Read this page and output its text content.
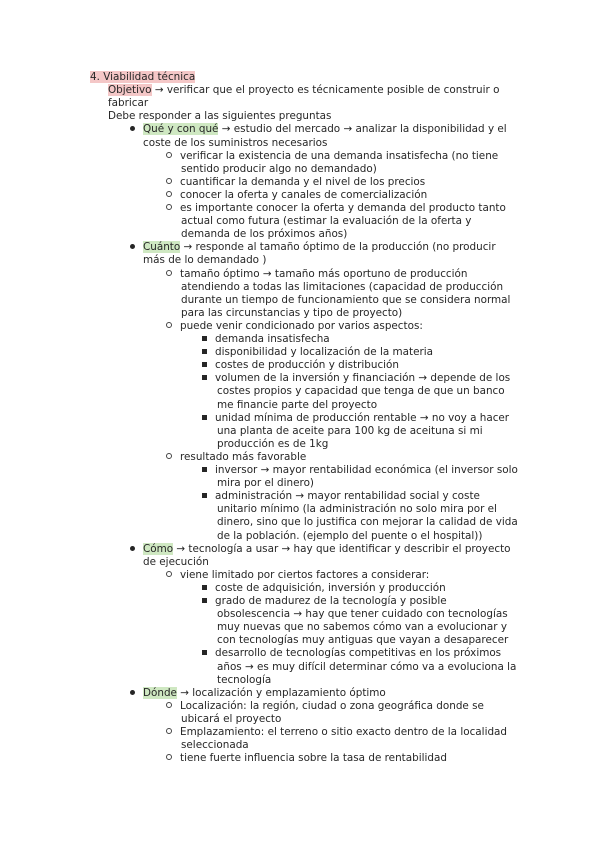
4. Viabilidad técnica
Objetivo → verificar que el proyecto es técnicamente posible de construir o
fabricar
Debe responder a las siguientes preguntas
Qué y con qué → estudio del mercado → analizar la disponibilidad y el
coste de los suministros necesarios
verificar la existencia de una demanda insatisfecha (no tiene
sentido producir algo no demandado)
cuantificar la demanda y el nivel de los precios
conocer la oferta y canales de comercialización
es importante conocer la oferta y demanda del producto tanto
actual como futura (estimar la evaluación de la oferta y
demanda de los próximos años)
Cuánto → responde al tamaño óptimo de la producción (no producir
más de lo demandado )
tamaño óptimo → tamaño más oportuno de producción
atendiendo a todas las limitaciones (capacidad de producción
durante un tiempo de funcionamiento que se considera normal
para las circunstancias y tipo de proyecto)
puede venir condicionado por varios aspectos:
demanda insatisfecha
disponibilidad y localización de la materia
costes de producción y distribución
volumen de la inversión y financiación → depende de los
costes propios y capacidad que tenga de que un banco
me financie parte del proyecto
unidad mínima de producción rentable → no voy a hacer
una planta de aceite para 100 kg de aceituna si mi
producción es de 1kg
resultado más favorable
inversor → mayor rentabilidad económica (el inversor solo
mira por el dinero)
administración → mayor rentabilidad social y coste
unitario mínimo (la administración no solo mira por el
dinero, sino que lo justifica con mejorar la calidad de vida
de la población. (ejemplo del puente o el hospital))
Cómo → tecnología a usar → hay que identificar y describir el proyecto
de ejecución
viene limitado por ciertos factores a considerar:
coste de adquisición, inversión y producción
grado de madurez de la tecnología y posible
obsolescencia → hay que tener cuidado con tecnologías
muy nuevas que no sabemos cómo van a evolucionar y
con tecnologías muy antiguas que vayan a desaparecer
desarrollo de tecnologías competitivas en los próximos
años → es muy difícil determinar cómo va a evoluciona la
tecnología
Dónde → localización y emplazamiento óptimo
Localización: la región, ciudad o zona geográfica donde se
ubicará el proyecto
Emplazamiento: el terreno o sitio exacto dentro de la localidad
seleccionada
tiene fuerte influencia sobre la tasa de rentabilidad
